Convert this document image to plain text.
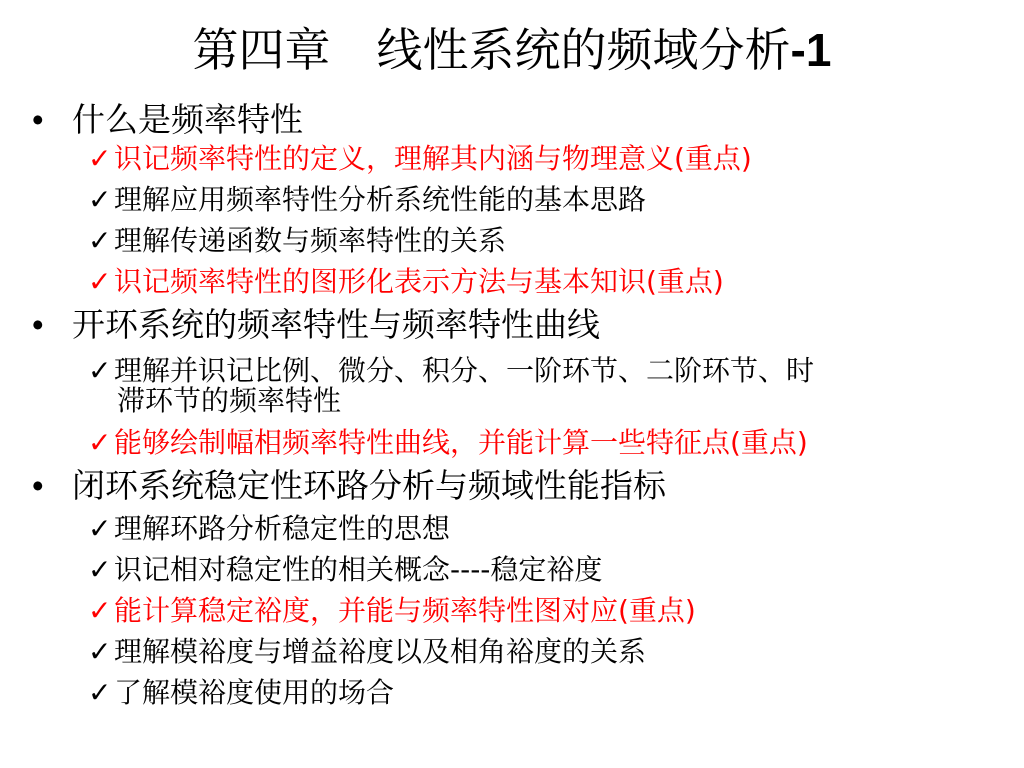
第四章　线性系统的频域分析-1
• 什么是频率特性
✓识记频率特性的定义，理解其内涵与物理意义(重点)
✓理解应用频率特性分析系统性能的基本思路
✓理解传递函数与频率特性的关系
✓识记频率特性的图形化表示方法与基本知识(重点)
• 开环系统的频率特性与频率特性曲线
✓理解并识记比例、微分、积分、一阶环节、二阶环节、时
滞环节的频率特性
✓能够绘制幅相频率特性曲线，并能计算一些特征点(重点)
• 闭环系统稳定性环路分析与频域性能指标
✓理解环路分析稳定性的思想
✓识记相对稳定性的相关概念----稳定裕度
✓能计算稳定裕度，并能与频率特性图对应(重点)
✓理解模裕度与增益裕度以及相角裕度的关系
✓了解模裕度使用的场合
